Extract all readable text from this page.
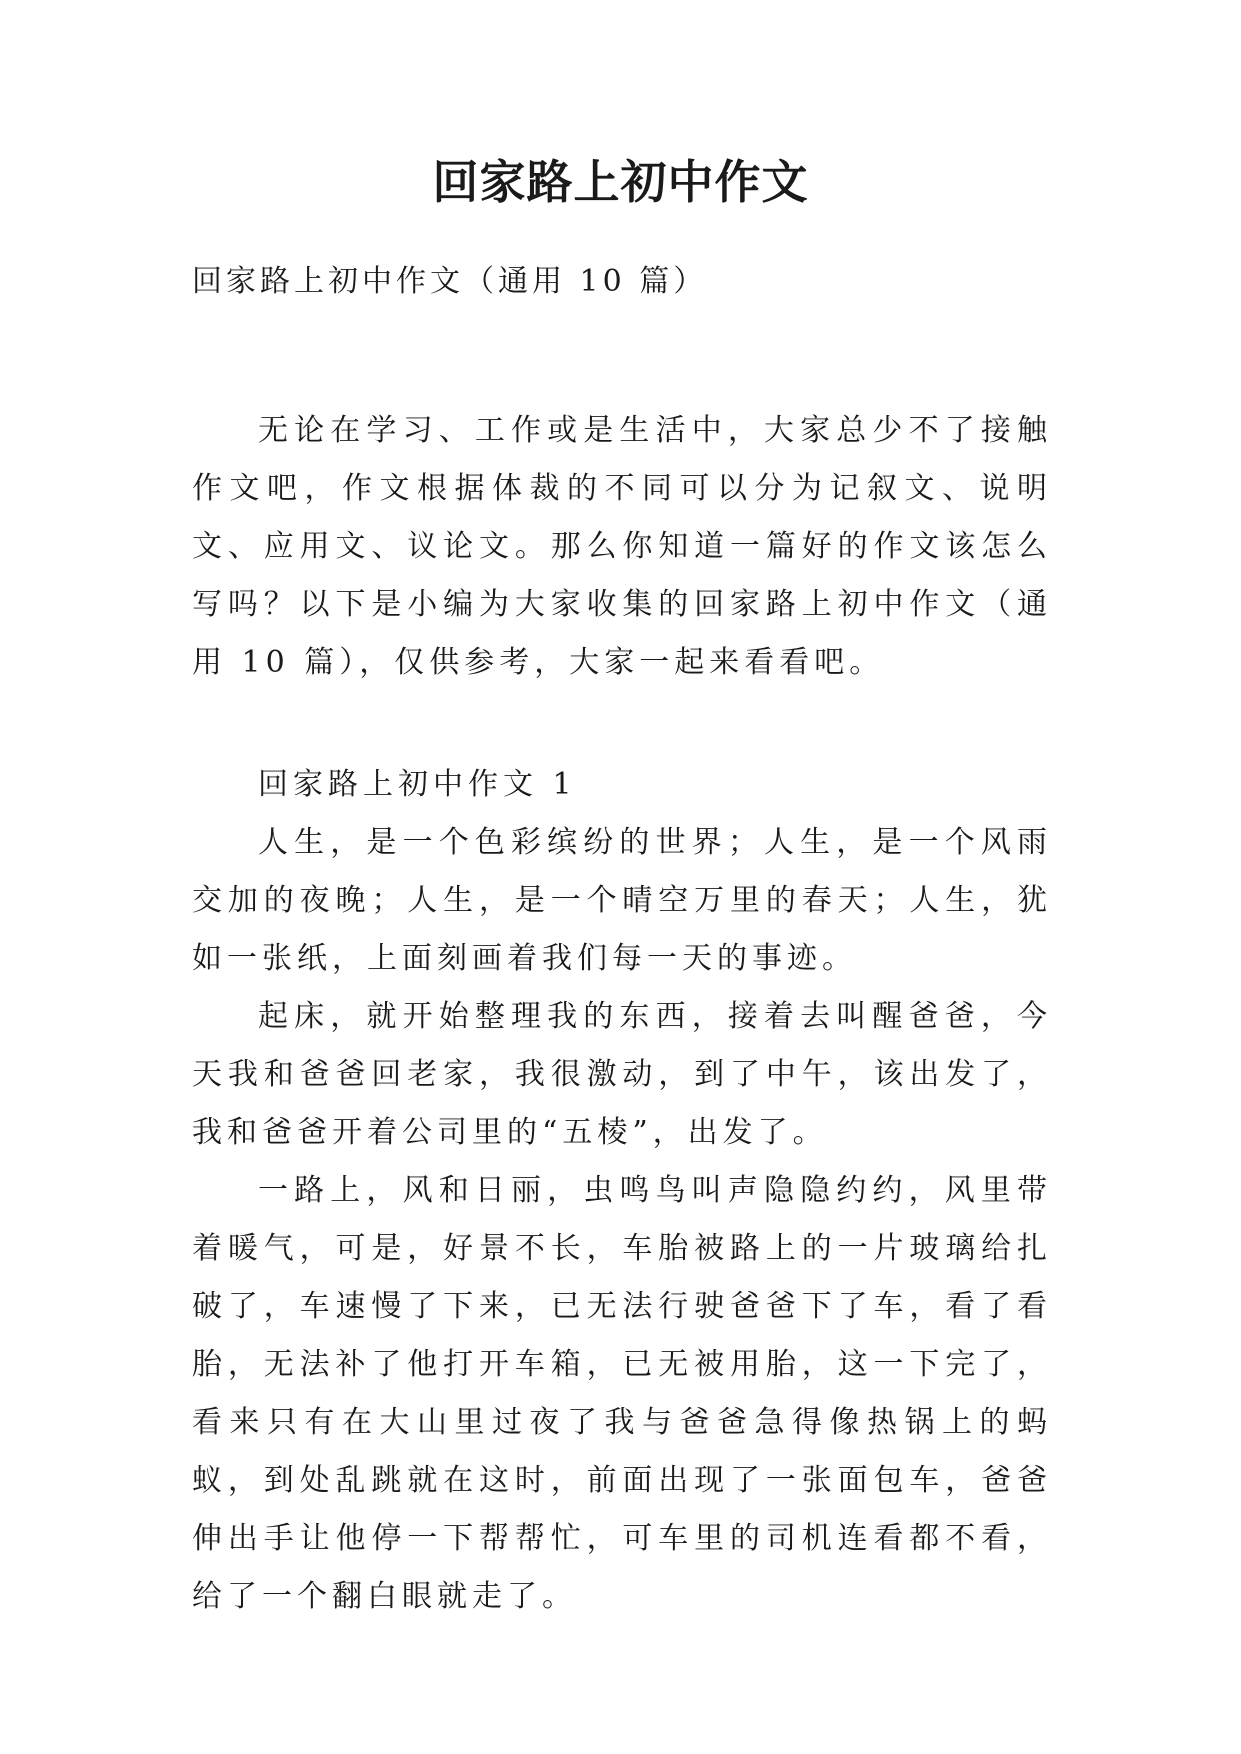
回家路上初中作文
回家路上初中作文（通用 10 篇）

无论在学习、工作或是生活中，大家总少不了接触作文吧，作文根据体裁的不同可以分为记叙文、说明文、应用文、议论文。那么你知道一篇好的作文该怎么写吗？以下是小编为大家收集的回家路上初中作文（通用 10 篇），仅供参考，大家一起来看看吧。

回家路上初中作文 1

人生，是一个色彩缤纷的世界；人生，是一个风雨交加的夜晚；人生，是一个晴空万里的春天；人生，犹如一张纸，上面刻画着我们每一天的事迹。

起床，就开始整理我的东西，接着去叫醒爸爸，今天我和爸爸回老家，我很激动，到了中午，该出发了，我和爸爸开着公司里的“五棱”，出发了。

一路上，风和日丽，虫鸣鸟叫声隐隐约约，风里带着暖气，可是，好景不长，车胎被路上的一片玻璃给扎破了，车速慢了下来，已无法行驶爸爸下了车，看了看胎，无法补了他打开车箱，已无被用胎，这一下完了，看来只有在大山里过夜了我与爸爸急得像热锅上的蚂蚁，到处乱跳就在这时，前面出现了一张面包车，爸爸伸出手让他停一下帮帮忙，可车里的司机连看都不看，给了一个翻白眼就走了。
